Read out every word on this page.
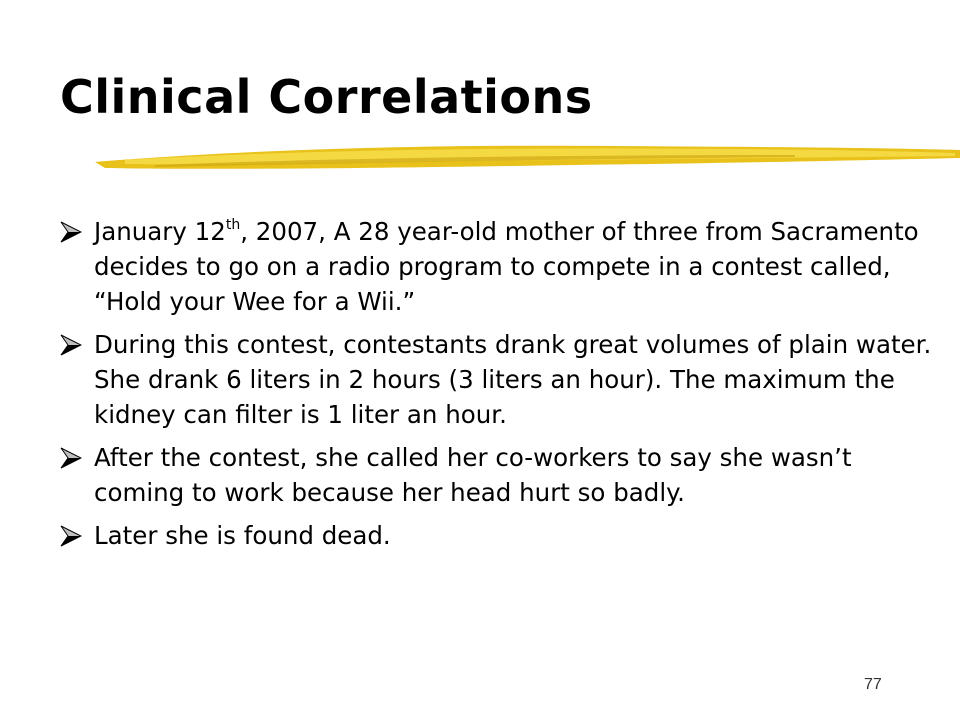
Clinical Correlations
January 12th, 2007, A 28 year-old mother of three from Sacramento decides to go on a radio program to compete in a contest called, “Hold your Wee for a Wii.”
During this contest, contestants drank great volumes of plain water. She drank 6 liters in 2 hours (3 liters an hour). The maximum the kidney can filter is 1 liter an hour.
After the contest, she called her co-workers to say she wasn’t coming to work because her head hurt so badly.
Later she is found dead.
77
